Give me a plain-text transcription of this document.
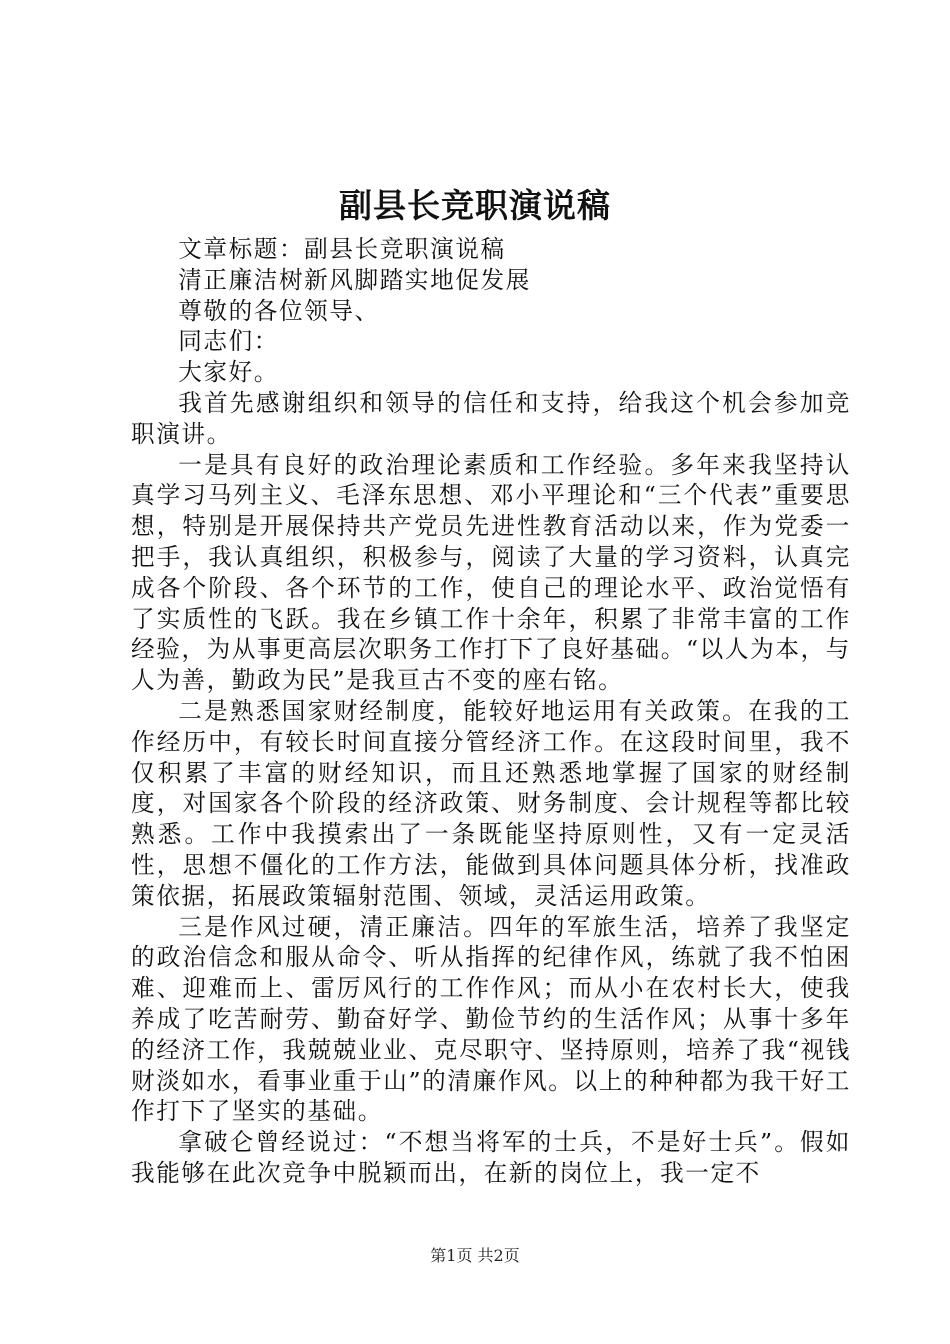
副县长竞职演说稿

文章标题：副县长竞职演说稿

清正廉洁树新风脚踏实地促发展

尊敬的各位领导、

同志们：

大家好。

我首先感谢组织和领导的信任和支持，给我这个机会参加竞职演讲。

一是具有良好的政治理论素质和工作经验。多年来我坚持认真学习马列主义、毛泽东思想、邓小平理论和“三个代表”重要思想，特别是开展保持共产党员先进性教育活动以来，作为党委一把手，我认真组织，积极参与，阅读了大量的学习资料，认真完成各个阶段、各个环节的工作，使自己的理论水平、政治觉悟有了实质性的飞跃。我在乡镇工作十余年，积累了非常丰富的工作经验，为从事更高层次职务工作打下了良好基础。“以人为本，与人为善，勤政为民”是我亘古不变的座右铭。

二是熟悉国家财经制度，能较好地运用有关政策。在我的工作经历中，有较长时间直接分管经济工作。在这段时间里，我不仅积累了丰富的财经知识，而且还熟悉地掌握了国家的财经制度，对国家各个阶段的经济政策、财务制度、会计规程等都比较熟悉。工作中我摸索出了一条既能坚持原则性，又有一定灵活性，思想不僵化的工作方法，能做到具体问题具体分析，找准政策依据，拓展政策辐射范围、领域，灵活运用政策。

三是作风过硬，清正廉洁。四年的军旅生活，培养了我坚定的政治信念和服从命令、听从指挥的纪律作风，练就了我不怕困难、迎难而上、雷厉风行的工作作风；而从小在农村长大，使我养成了吃苦耐劳、勤奋好学、勤俭节约的生活作风；从事十多年的经济工作，我兢兢业业、克尽职守、坚持原则，培养了我“视钱财淡如水，看事业重于山”的清廉作风。以上的种种都为我干好工作打下了坚实的基础。

拿破仑曾经说过：“不想当将军的士兵，不是好士兵”。假如我能够在此次竞争中脱颖而出，在新的岗位上，我一定不

第1页 共2页
